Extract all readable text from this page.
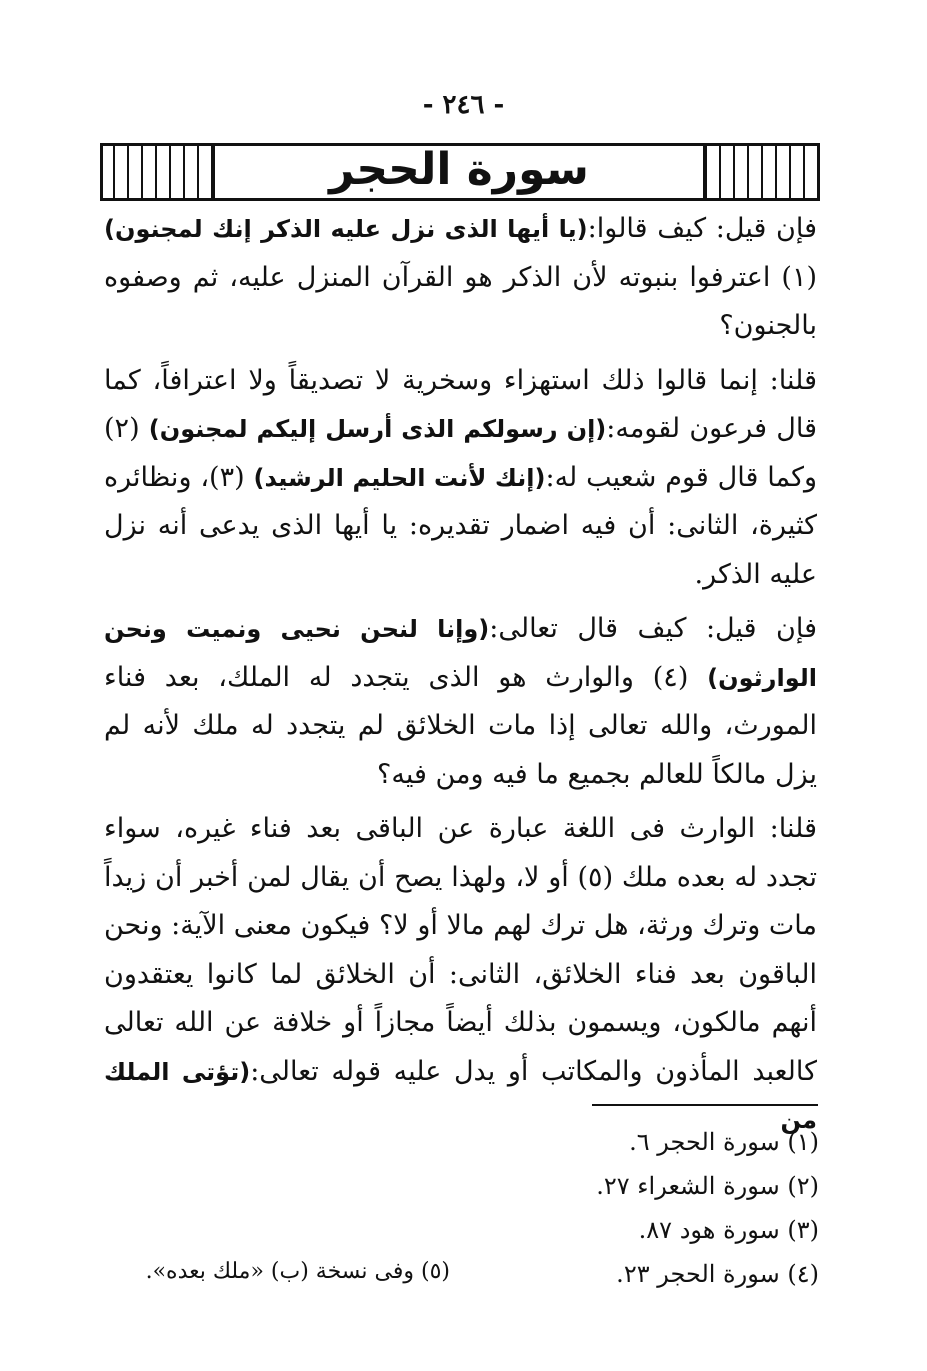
- ٢٤٦ -
سورة الحجر

فإن قيل: كيف قالوا:(يا أيها الذى نزل عليه الذكر إنك لمجنون) (١) اعترفوا بنبوته لأن الذكر هو القرآن المنزل عليه، ثم وصفوه بالجنون؟

قلنا: إنما قالوا ذلك استهزاء وسخرية لا تصديقاً ولا اعترافاً، كما قال فرعون لقومه:(إن رسولكم الذى أرسل إليكم لمجنون) (٢) وكما قال قوم شعيب له:(إنك لأنت الحليم الرشيد) (٣)، ونظائره كثيرة، الثانى: أن فيه اضمار تقديره: يا أيها الذى يدعى أنه نزل عليه الذكر.

فإن قيل: كيف قال تعالى:(وإنا لنحن نحيى ونميت ونحن الوارثون) (٤) والوارث هو الذى يتجدد له الملك، بعد فناء المورث، والله تعالى إذا مات الخلائق لم يتجدد له ملك لأنه لم يزل مالكاً للعالم بجميع ما فيه ومن فيه؟

قلنا: الوارث فى اللغة عبارة عن الباقى بعد فناء غيره، سواء تجدد له بعده ملك (٥) أو لا، ولهذا يصح أن يقال لمن أخبر أن زيداً مات وترك ورثة، هل ترك لهم مالا أو لا؟ فيكون معنى الآية: ونحن الباقون بعد فناء الخلائق، الثانى: أن الخلائق لما كانوا يعتقدون أنهم مالكون، ويسمون بذلك أيضاً مجازاً أو خلافة عن الله تعالى كالعبد المأذون والمكاتب أو يدل عليه قوله تعالى:(تؤتى الملك من

(١) سورة الحجر ٦.
(٢) سورة الشعراء ٢٧.
(٣) سورة هود ٨٧.
(٤) سورة الحجر ٢٣.
(٥) وفى نسخة (ب) «ملك بعده».
